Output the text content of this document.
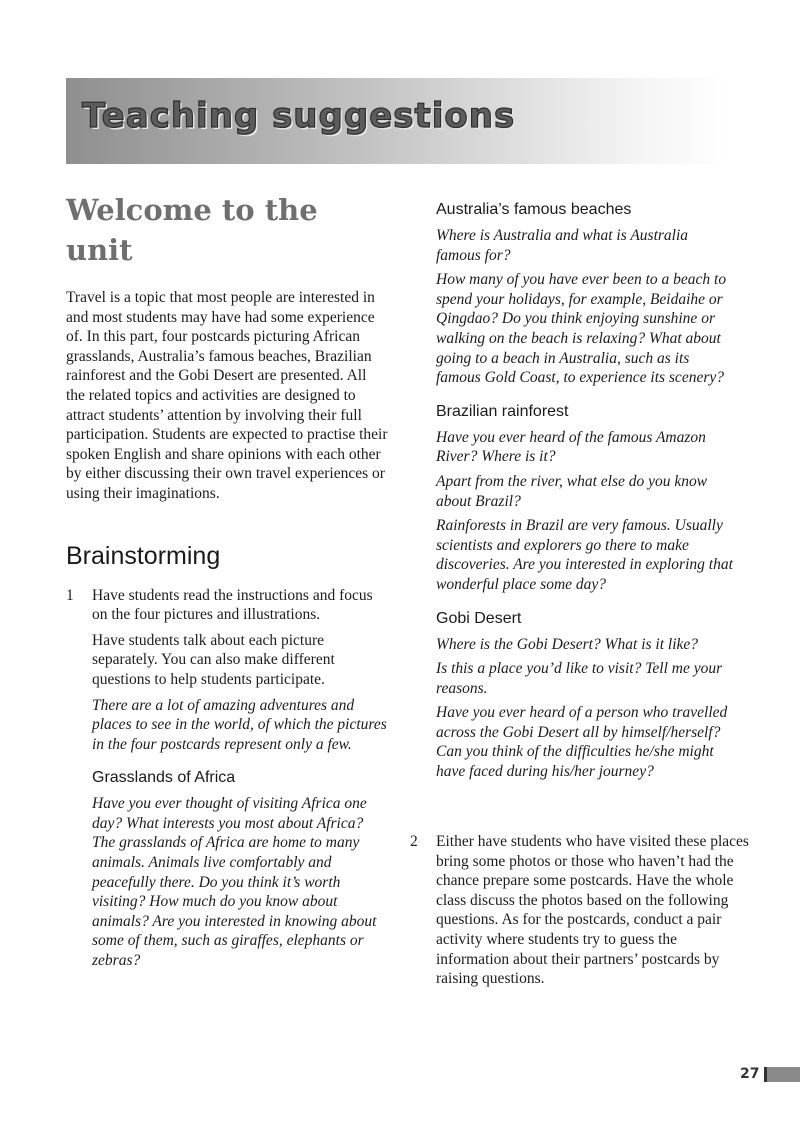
Teaching suggestions
Welcome to the unit

Travel is a topic that most people are interested in and most students may have had some experience of. In this part, four postcards picturing African grasslands, Australia’s famous beaches, Brazilian rainforest and the Gobi Desert are presented. All the related topics and activities are designed to attract students’ attention by involving their full participation. Students are expected to practise their spoken English and share opinions with each other by either discussing their own travel experiences or using their imaginations.

Brainstorming
1 Have students read the instructions and focus on the four pictures and illustrations.

Have students talk about each picture separately. You can also make different questions to help students participate.

There are a lot of amazing adventures and places to see in the world, of which the pictures in the four postcards represent only a few.

Grasslands of Africa

Have you ever thought of visiting Africa one day? What interests you most about Africa? The grasslands of Africa are home to many animals. Animals live comfortably and peacefully there. Do you think it’s worth visiting? How much do you know about animals? Are you interested in knowing about some of them, such as giraffes, elephants or zebras?

Australia’s famous beaches

Where is Australia and what is Australia famous for?

How many of you have ever been to a beach to spend your holidays, for example, Beidaihe or Qingdao? Do you think enjoying sunshine or walking on the beach is relaxing? What about going to a beach in Australia, such as its famous Gold Coast, to experience its scenery?

Brazilian rainforest

Have you ever heard of the famous Amazon River? Where is it?

Apart from the river, what else do you know about Brazil?

Rainforests in Brazil are very famous. Usually scientists and explorers go there to make discoveries. Are you interested in exploring that wonderful place some day?

Gobi Desert

Where is the Gobi Desert? What is it like?

Is this a place you’d like to visit? Tell me your reasons.

Have you ever heard of a person who travelled across the Gobi Desert all by himself/herself? Can you think of the difficulties he/she might have faced during his/her journey?

2 Either have students who have visited these places bring some photos or those who haven’t had the chance prepare some postcards. Have the whole class discuss the photos based on the following questions. As for the postcards, conduct a pair activity where students try to guess the information about their partners’ postcards by raising questions.

27
